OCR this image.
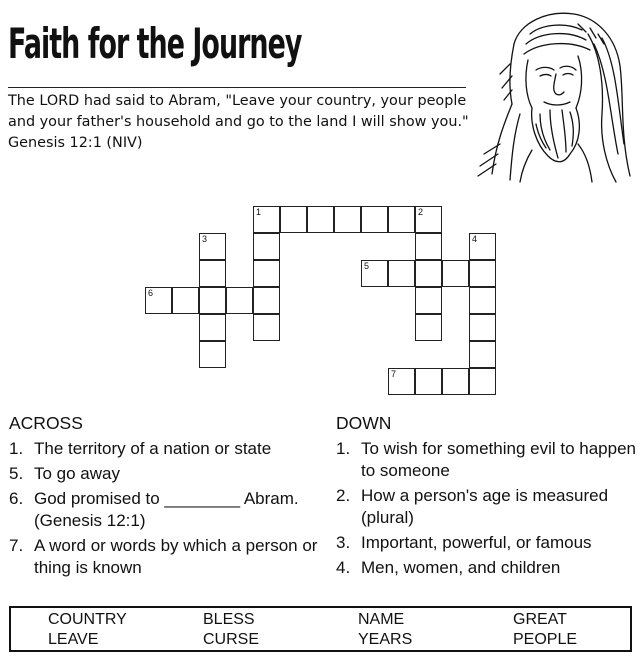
Faith for the Journey

The LORD had said to Abram, "Leave your country, your people and your father's household and go to the land I will show you." Genesis 12:1 (NIV)

1	2
3	4
5
6
7
ACROSS
1. The territory of a nation or state
5. To go away
6. God promised to ________ Abram. (Genesis 12:1)
7. A word or words by which a person or thing is known
DOWN
1. To wish for something evil to happen to someone
2. How a person's age is measured (plural)
3. Important, powerful, or famous
4. Men, women, and children
COUNTRY	BLESS	NAME	GREAT
LEAVE	CURSE	YEARS	PEOPLE
